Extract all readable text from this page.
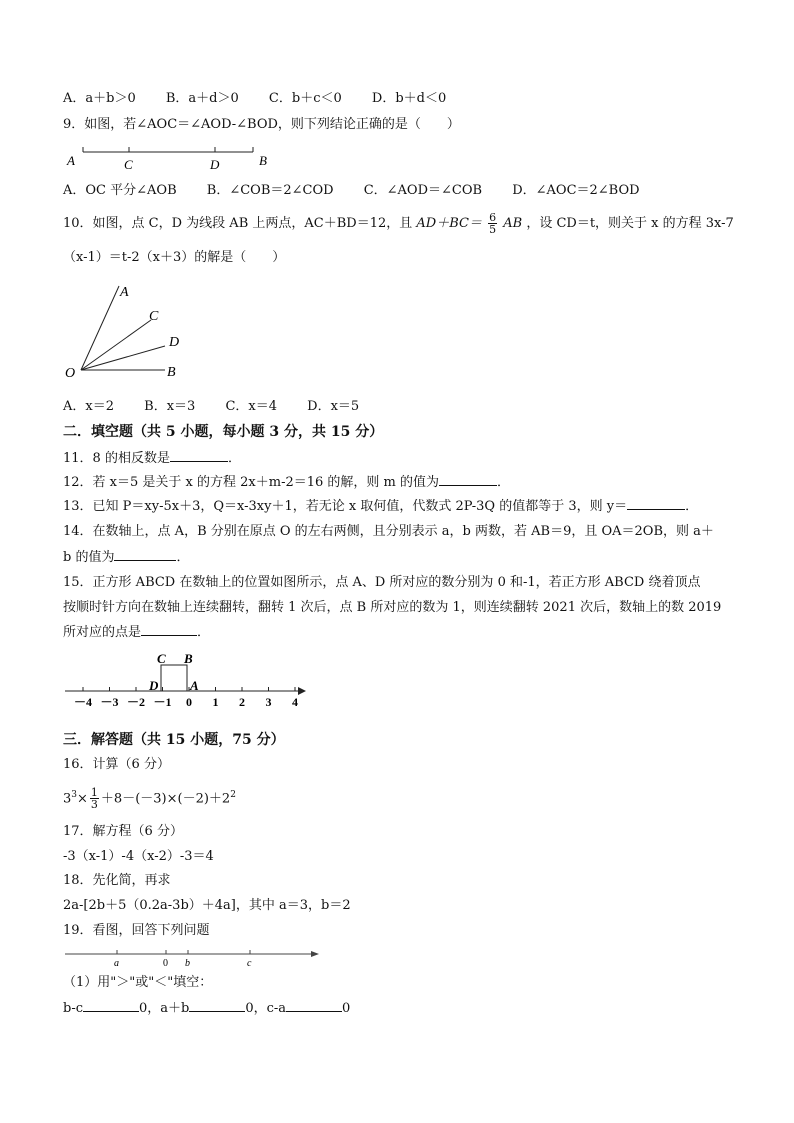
A．a＋b＞0 B．a＋d＞0 C．b＋c＜0 D．b＋d＜0
9．如图，若∠AOC＝∠AOD-∠BOD，则下列结论正确的是（　　）
A	C	D	B
A．OC 平分∠AOB B．∠COB＝2∠COD C．∠AOD＝∠COB D．∠AOC＝2∠BOD
10．如图，点 C，D 为线段 AB 上两点，AC＋BD＝12，且 $AD+BC= \frac{6}{5}$ AB ，设 CD＝t，则关于 x 的方程 3x-7
（x-1）＝t-2（x＋3）的解是（　　）
A
C
D
O	B
A．x＝2 B．x＝3 C．x＝4 D．x＝5
二．填空题（共 5 小题，每小题 3 分，共 15 分）
11．8 的相反数是	．
12．若 x＝5 是关于 x 的方程 2x＋m-2＝16 的解，则 m 的值为	．
13．已知 P＝xy-5x＋3，Q＝x-3xy＋1，若无论 x 取何值，代数式 2P-3Q 的值都等于 3，则 y＝	．
14．在数轴上，点 A，B 分别在原点 O 的左右两侧，且分别表示 a，b 两数，若 AB＝9，且 OA＝2OB，则 a＋
b 的值为	．
15．正方形 ABCD 在数轴上的位置如图所示，点 A、D 所对应的数分别为 0 和-1，若正方形 ABCD 绕着顶点
按顺时针方向在数轴上连续翻转，翻转 1 次后，点 B 所对应的数为 1，则连续翻转 2021 次后，数轴上的数 2019
所对应的点是	．
－4 －3 －2 －1 0 1 2 3 4
C B
D A
三．解答题（共 15 小题，75 分）
16．计算（6 分）
$3^3\times \frac{1}{3} +8-(-3)\times(-2)+2^2$
17．解方程（6 分）
-3（x-1）-4（x-2）-3＝4
18．先化简，再求
2a-[2b＋5（0.2a-3b）＋4a]，其中 a＝3，b＝2
19．看图，回答下列问题
a	0 b	c
（1）用"＞"或"＜"填空：
b-c	0，a＋b	0，c-a	0
